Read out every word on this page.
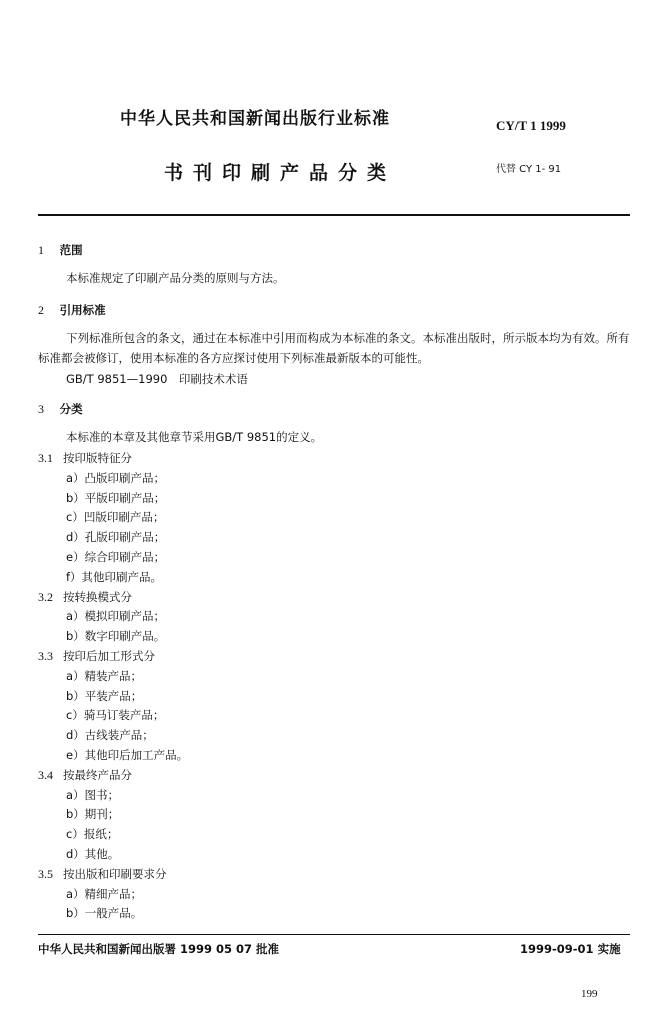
中华人民共和国新闻出版行业标准	CY/T 1 1999
书刊印刷产品分类	代替 CY 1- 91
1 范围
本标准规定了印刷产品分类的原则与方法。
2 引用标准
下列标准所包含的条文，通过在本标准中引用而构成为本标准的条文。本标准出版时，所示版本均为有效。所有标准都会被修订，使用本标准的各方应探讨使用下列标准最新版本的可能性。
GB/T 9851—1990　印刷技术术语
3 分类
本标准的本章及其他章节采用GB/T 9851的定义。
3.1 按印版特征分
a）凸版印刷产品；
b）平版印刷产品；
c）凹版印刷产品；
d）孔版印刷产品；
e）综合印刷产品；
f）其他印刷产品。
3.2 按转换模式分
a）模拟印刷产品；
b）数字印刷产品。
3.3 按印后加工形式分
a）精装产品；
b）平装产品；
c）骑马订装产品；
d）古线装产品；
e）其他印后加工产品。
3.4 按最终产品分
a）图书；
b）期刊；
c）报纸；
d）其他。
3.5 按出版和印刷要求分
a）精细产品；
b）一般产品。
中华人民共和国新闻出版署 1999 05 07 批准	1999-09-01 实施
199
